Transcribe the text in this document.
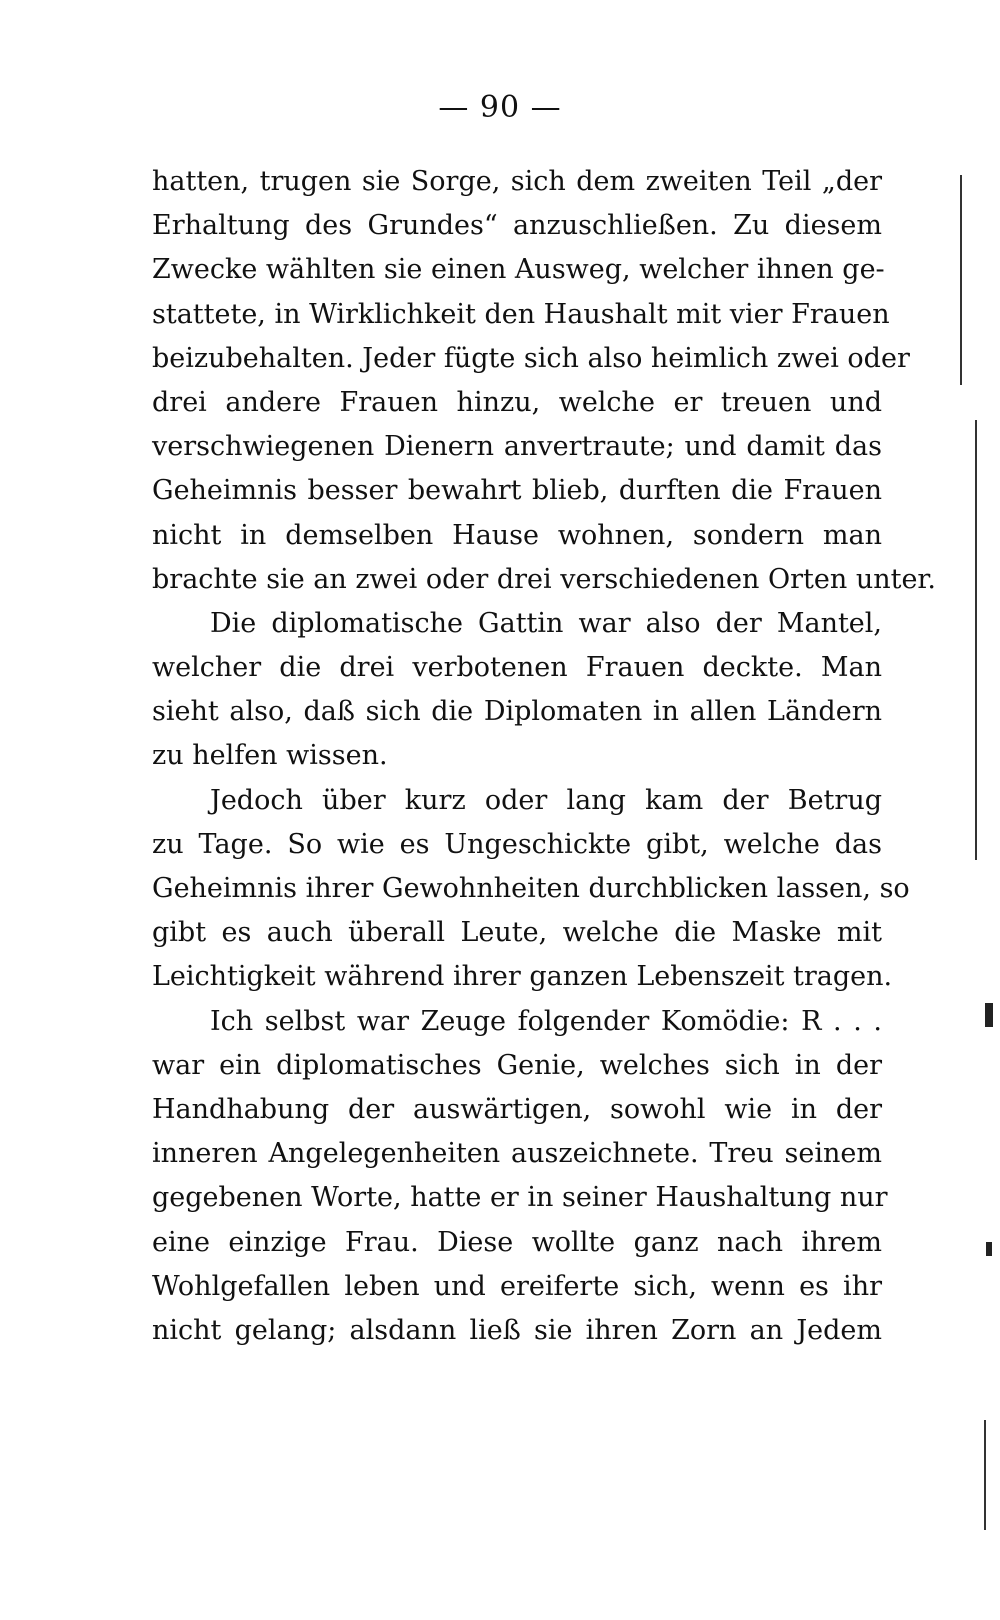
— 90 —
hatten, trugen sie Sorge, sich dem zweiten Teil „der
Erhaltung des Grundes“ anzuschließen. Zu diesem
Zwecke wählten sie einen Ausweg, welcher ihnen ge-
stattete, in Wirklichkeit den Haushalt mit vier Frauen
beizubehalten. Jeder fügte sich also heimlich zwei oder
drei andere Frauen hinzu, welche er treuen und
verschwiegenen Dienern anvertraute; und damit das
Geheimnis besser bewahrt blieb, durften die Frauen
nicht in demselben Hause wohnen, sondern man
brachte sie an zwei oder drei verschiedenen Orten unter.
Die diplomatische Gattin war also der Mantel,
welcher die drei verbotenen Frauen deckte. Man
sieht also, daß sich die Diplomaten in allen Ländern
zu helfen wissen.
Jedoch über kurz oder lang kam der Betrug
zu Tage. So wie es Ungeschickte gibt, welche das
Geheimnis ihrer Gewohnheiten durchblicken lassen, so
gibt es auch überall Leute, welche die Maske mit
Leichtigkeit während ihrer ganzen Lebenszeit tragen.
Ich selbst war Zeuge folgender Komödie: R . . .
war ein diplomatisches Genie, welches sich in der
Handhabung der auswärtigen, sowohl wie in der
inneren Angelegenheiten auszeichnete. Treu seinem
gegebenen Worte, hatte er in seiner Haushaltung nur
eine einzige Frau. Diese wollte ganz nach ihrem
Wohlgefallen leben und ereiferte sich, wenn es ihr
nicht gelang; alsdann ließ sie ihren Zorn an Jedem
